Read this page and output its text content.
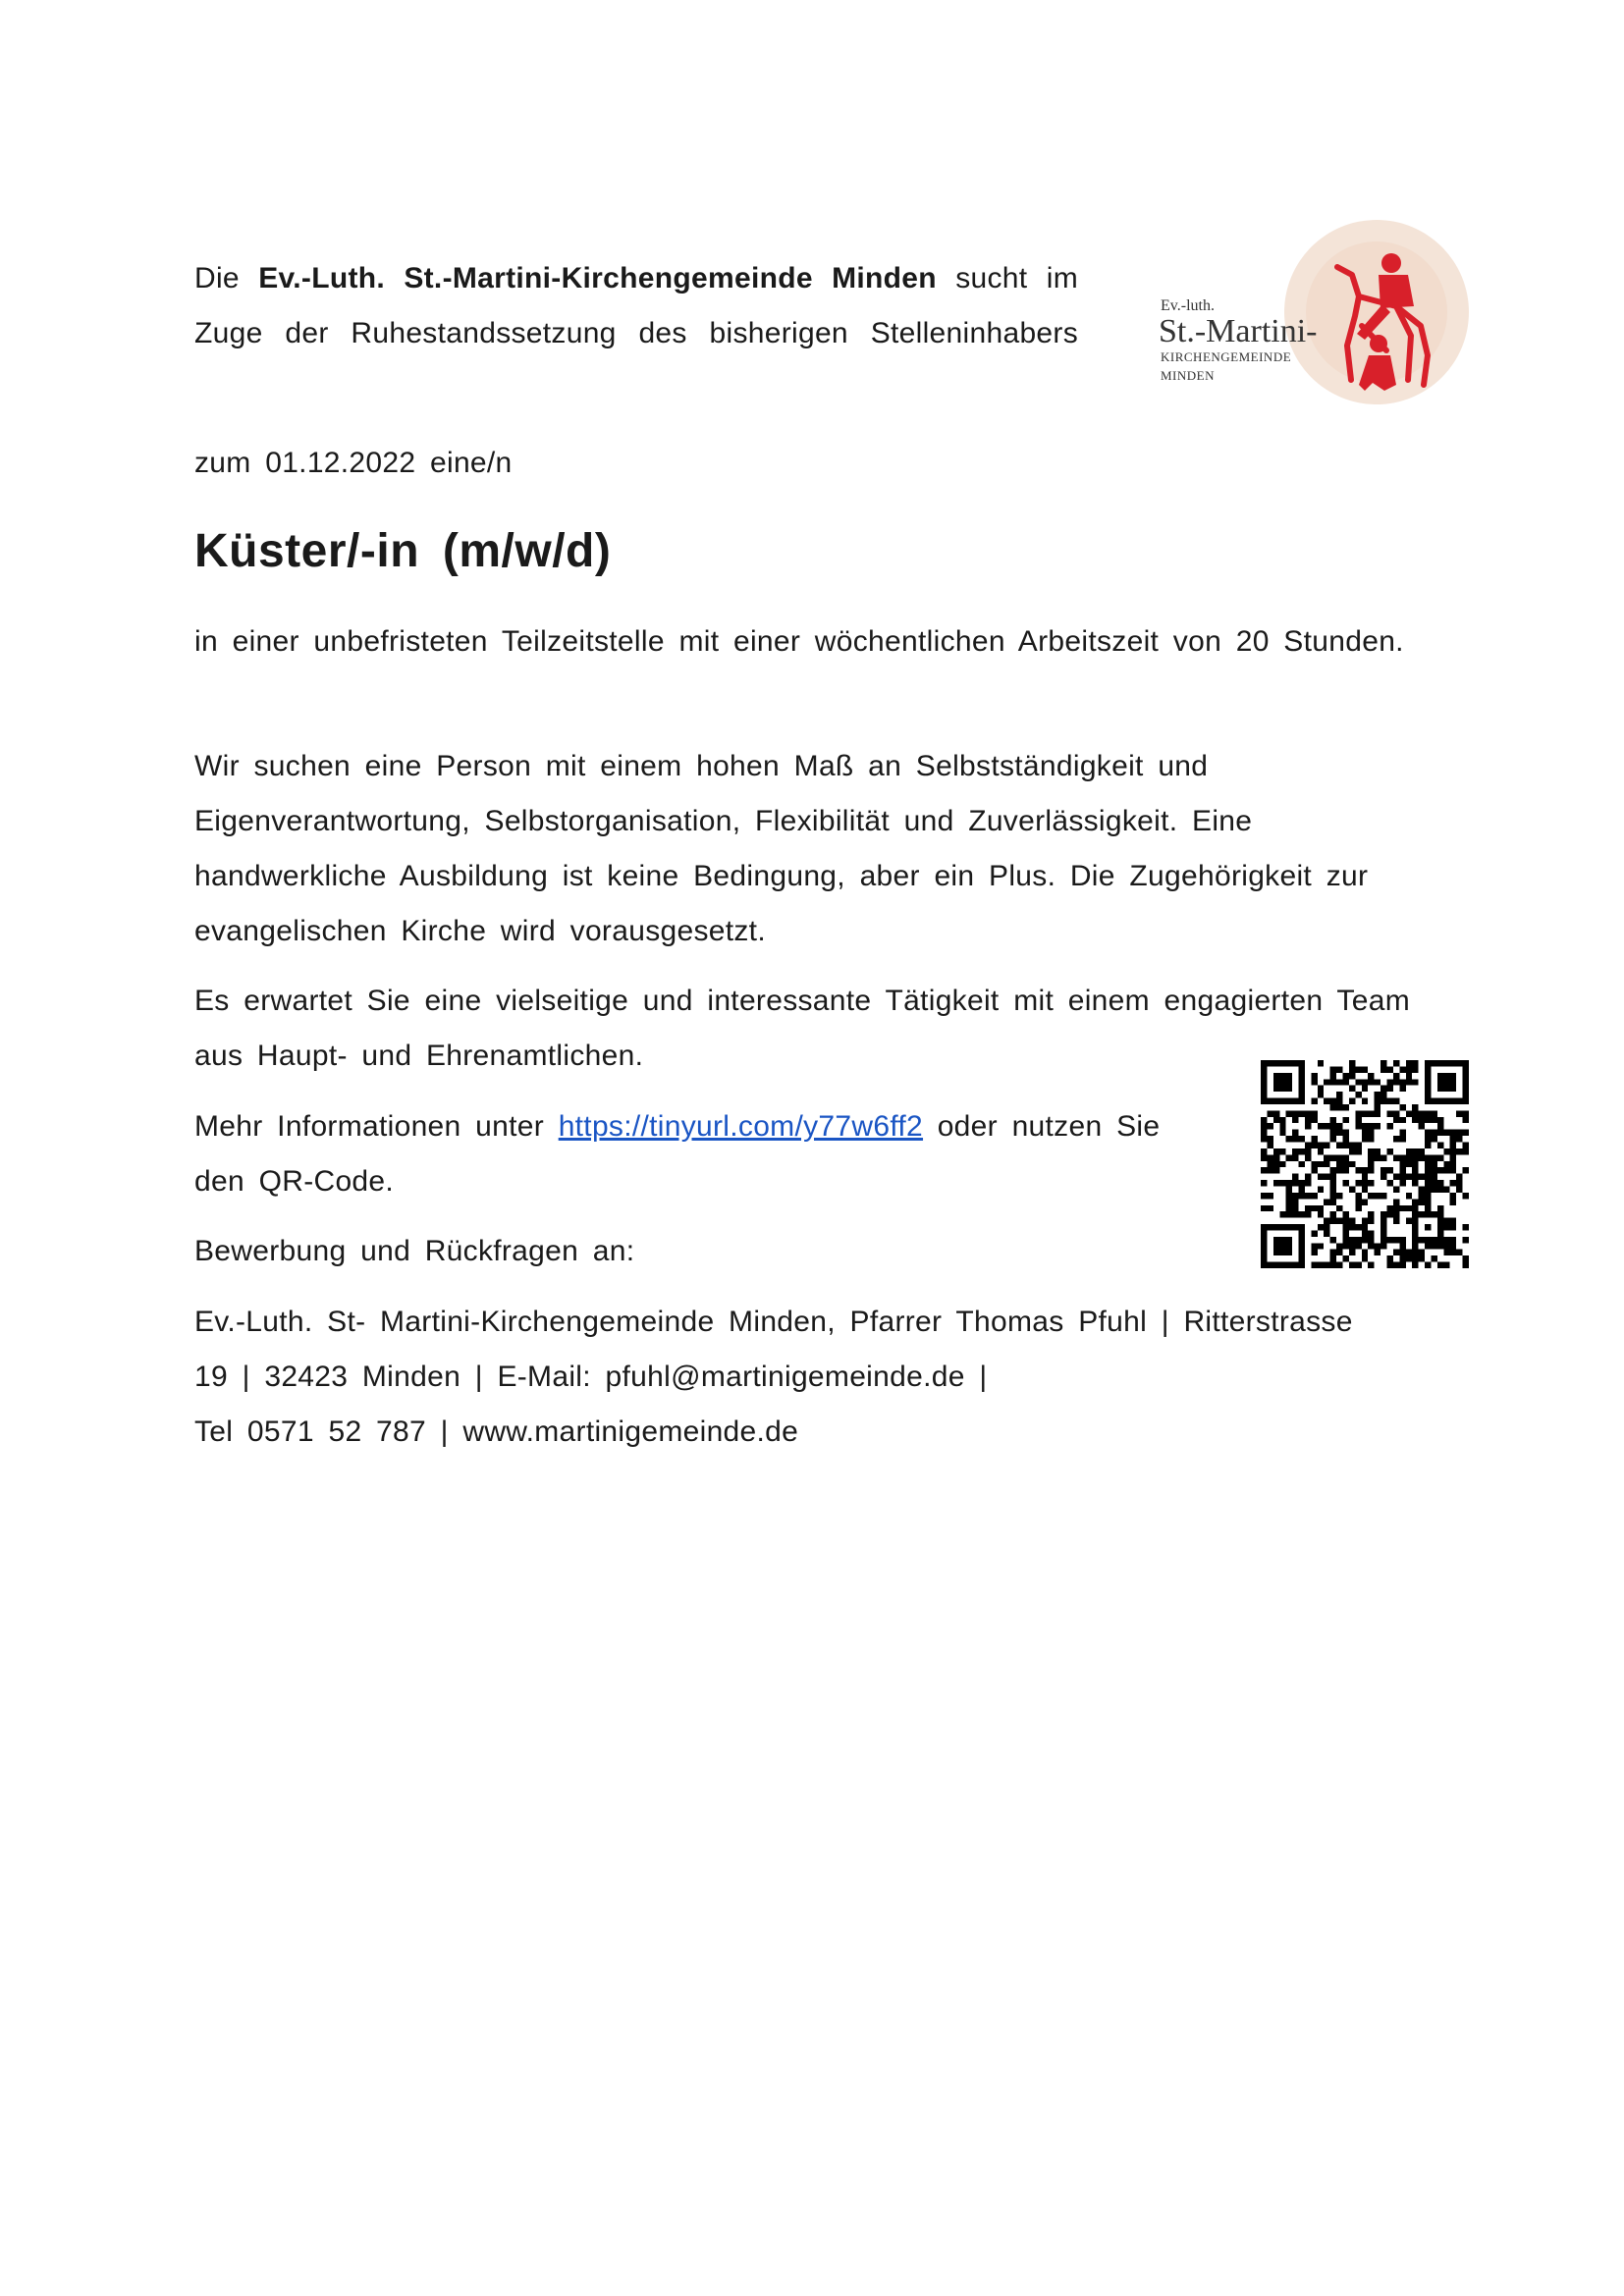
Die Ev.-Luth. St.-Martini-Kirchengemeinde Minden sucht im
Zuge der Ruhestandssetzung des bisherigen Stelleninhabers
Ev.-luth.
St.-Martini-
KIRCHENGEMEINDE
MINDEN
zum 01.12.2022 eine/n
Küster/-in (m/w/d)
in einer unbefristeten Teilzeitstelle mit einer wöchentlichen Arbeitszeit von 20 Stunden.
Wir suchen eine Person mit einem hohen Maß an Selbstständigkeit und Eigenverantwortung, Selbstorganisation, Flexibilität und Zuverlässigkeit. Eine handwerkliche Ausbildung ist keine Bedingung, aber ein Plus. Die Zugehörigkeit zur evangelischen Kirche wird vorausgesetzt.
Es erwartet Sie eine vielseitige und interessante Tätigkeit mit einem engagierten Team aus Haupt- und Ehrenamtlichen.
Mehr Informationen unter https://tinyurl.com/y77w6ff2 oder nutzen Sie den QR-Code.
Bewerbung und Rückfragen an:
Ev.-Luth. St- Martini-Kirchengemeinde Minden, Pfarrer Thomas Pfuhl | Ritterstrasse
19 | 32423 Minden | E-Mail: pfuhl@martinigemeinde.de |
Tel 0571 52 787 | www.martinigemeinde.de
